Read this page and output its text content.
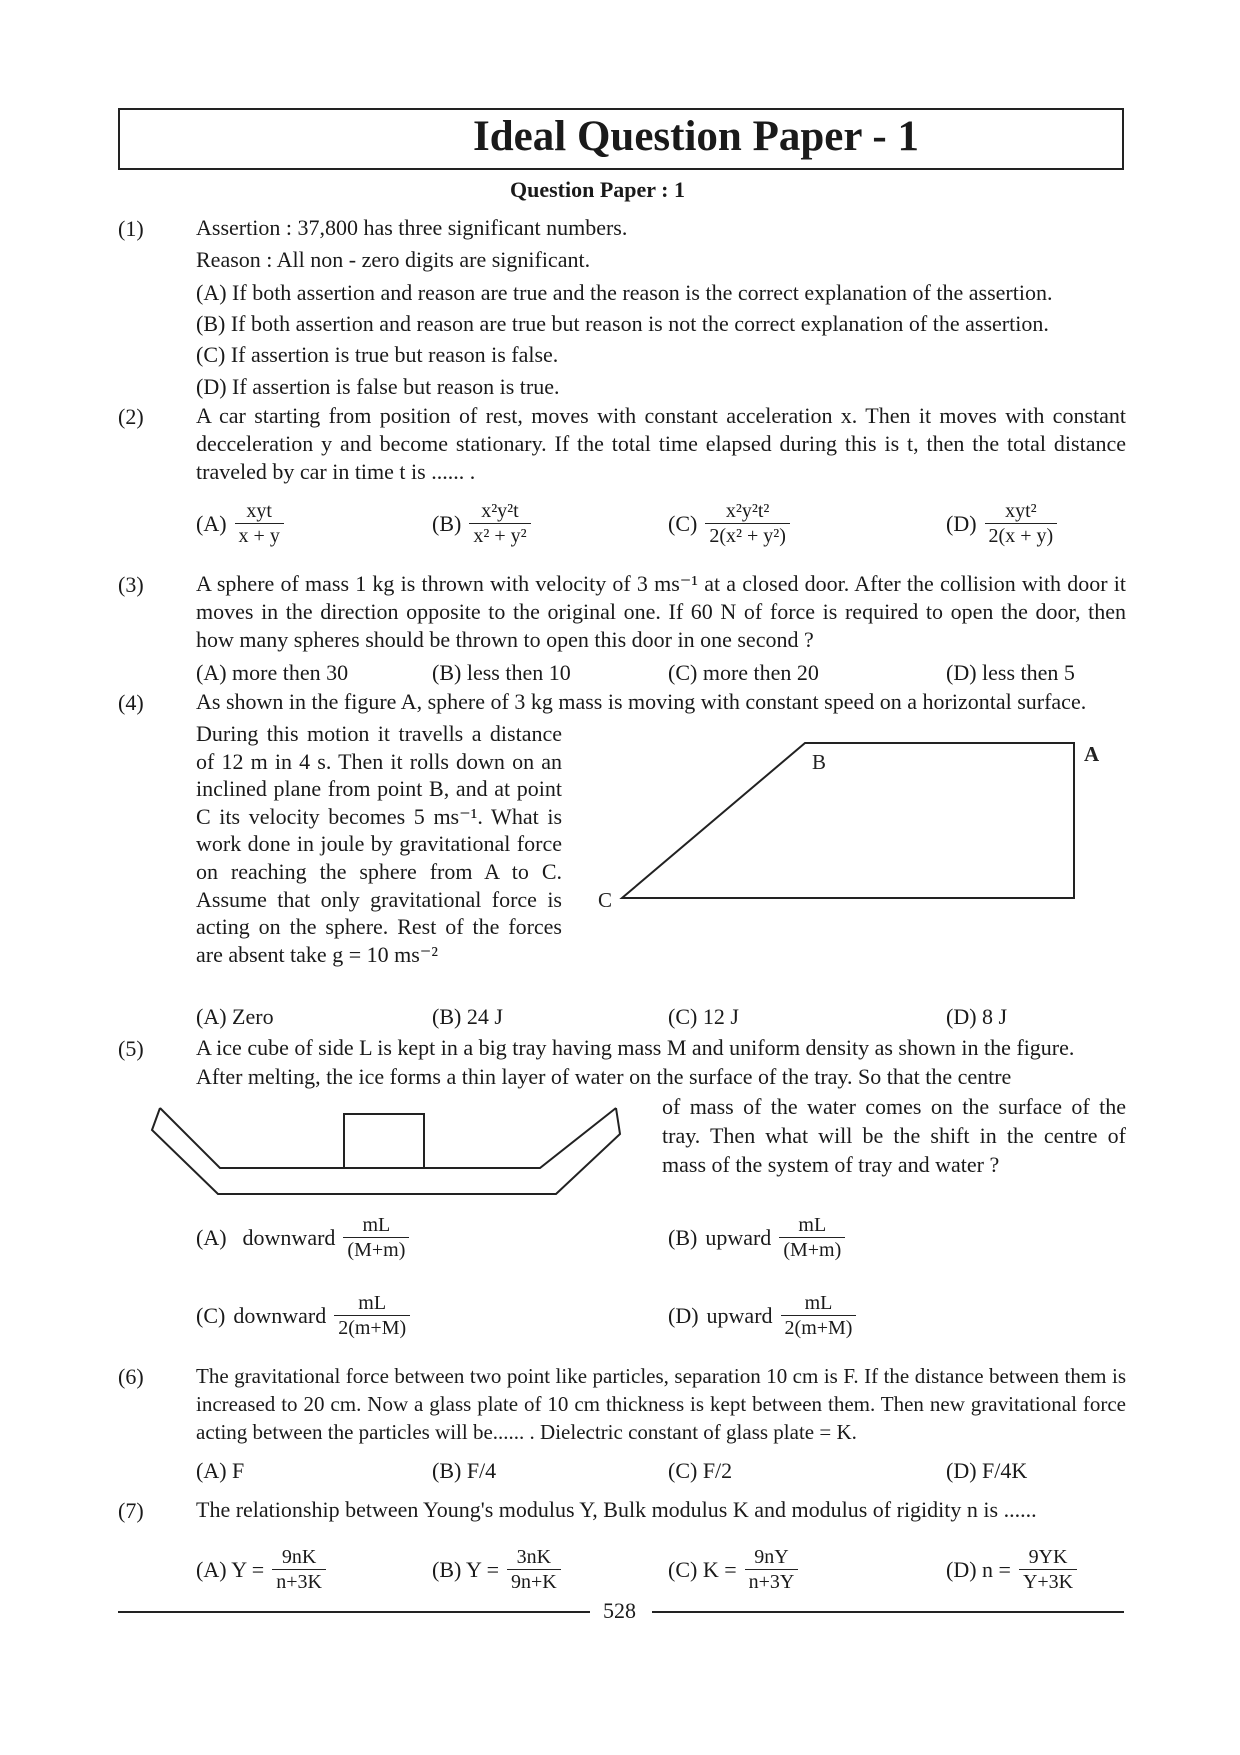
Ideal Question Paper - 1
Question Paper : 1
(1) Assertion : 37,800 has three significant numbers.
Reason : All non - zero digits are significant.
(A) If both assertion and reason are true and the reason is the correct explanation of the assertion.
(B) If both assertion and reason are true but reason is not the correct explanation of the assertion.
(C) If assertion is true but reason is false.
(D) If assertion is false but reason is true.
(2) A car starting from position of rest, moves with constant acceleration x. Then it moves with constant decceleration y and become stationary. If the total time elapsed during this is t, then the total distance traveled by car in time t is ...... .
$(A) \frac{\text{xyt}}{x + y}$	$(B) \frac{\text{x²y²t}}{\text{x² + y²}}$	$(C) \frac{\text{x²y²t²}}{\text{2(x² + y²)}}$	$(D) \frac{\text{xyt²}}{2(x + y)}$
(3) A sphere of mass 1 kg is thrown with velocity of 3 ms⁻¹ at a closed door. After the collision with door it moves in the direction opposite to the original one. If 60 N of force is required to open the door, then how many spheres should be thrown to open this door in one second ?
(A) more then 30	(B) less then 10	(C) more then 20	(D) less then 5
(4) As shown in the figure A, sphere of 3 kg mass is moving with constant speed on a horizontal surface.
During this motion it travells a distance of 12 m in 4 s. Then it rolls down on an inclined plane from point B, and at point C its velocity becomes 5 ms⁻¹. What is work done in joule by gravitational force on reaching the sphere from A to C. Assume that only gravitational force is acting on the sphere. Rest of the forces are absent take g = 10 ms⁻²
B	A
C
(A) Zero	(B) 24 J	(C) 12 J	(D) 8 J
(5) A ice cube of side L is kept in a big tray having mass M and uniform density as shown in the figure.
After melting, the ice forms a thin layer of water on the surface of the tray. So that the centre
of mass of the water comes on the surface of the tray. Then what will be the shift in the centre of mass of the system of tray and water ?
(A) downward $\frac{mL}{(M+m)}$	(B) upward $\frac{mL}{(M+m)}$
(C) downward $\frac{mL}{2(m+M)}$	(D) upward $\frac{mL}{2(m+M)}$
(6) The gravitational force between two point like particles, separation 10 cm is F. If the distance between them is increased to 20 cm. Now a glass plate of 10 cm thickness is kept between them. Then new gravitational force acting between the particles will be...... . Dielectric constant of glass plate = K.
(A) F	(B) F/4	(C) F/2	(D) F/4K
(7) The relationship between Young's modulus Y, Bulk modulus K and modulus of rigidity n is ......
(A) $Y = \frac{9nK}{n+3K}$	(B) $Y = \frac{3nK}{9n+K}$	(C) $K = \frac{9nY}{n+3Y}$	(D) $n = \frac{9YK}{Y+3K}$
528
